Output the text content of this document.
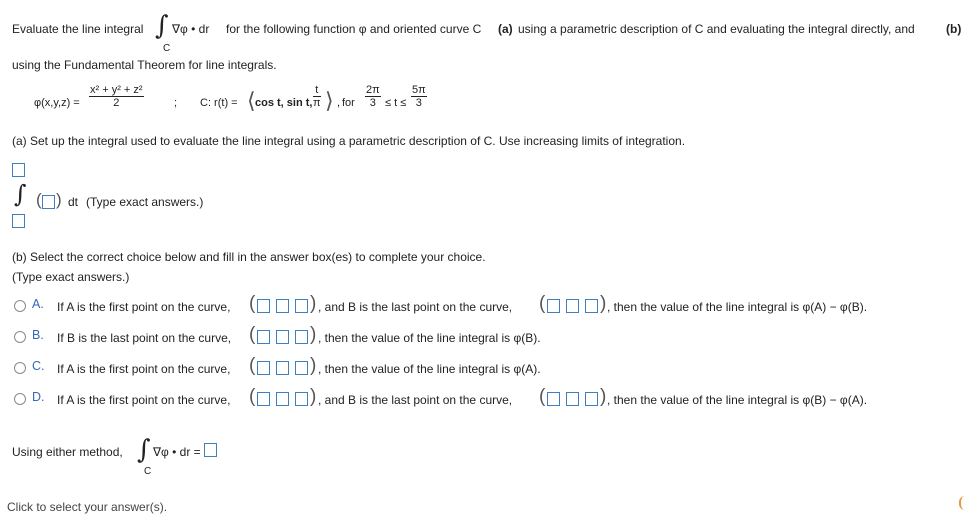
Evaluate the line integral ∫
C
∇φ • dr for the following function φ and oriented curve C (a) using a parametric description of C and evaluating the integral directly, and	(b)
using the Fundamental Theorem for line integrals.
$\varphi(x,y,z) = \frac{\text{x² + y² + z²}}{2}$	; C: r(t) = ⟨ cos t, sin t, $\frac{t}{\pi}$ ⟩ , for $\frac{2\pi}{3} \le t \le \frac{5\pi}{3}$
(a) Set up the integral used to evaluate the line integral using a parametric description of C. Use increasing limits of integration.
∫ ( ) dt (Type exact answers.)
(b) Select the correct choice below and fill in the answer box(es) to complete your choice.
(Type exact answers.)
A. If A is the first point on the curve, (	) , and B is the last point on the curve, (	) , then the value of the line integral is φ(A) − φ(B).
B. If B is the last point on the curve, (	) , then the value of the line integral is φ(B).
C. If A is the first point on the curve, (	) , then the value of the line integral is φ(A).
D. If A is the first point on the curve, (	) , and B is the last point on the curve, (	) , then the value of the line integral is φ(B) − φ(A).
Using either method, ∫
C
∇φ • dr =
Click to select your answer(s).
